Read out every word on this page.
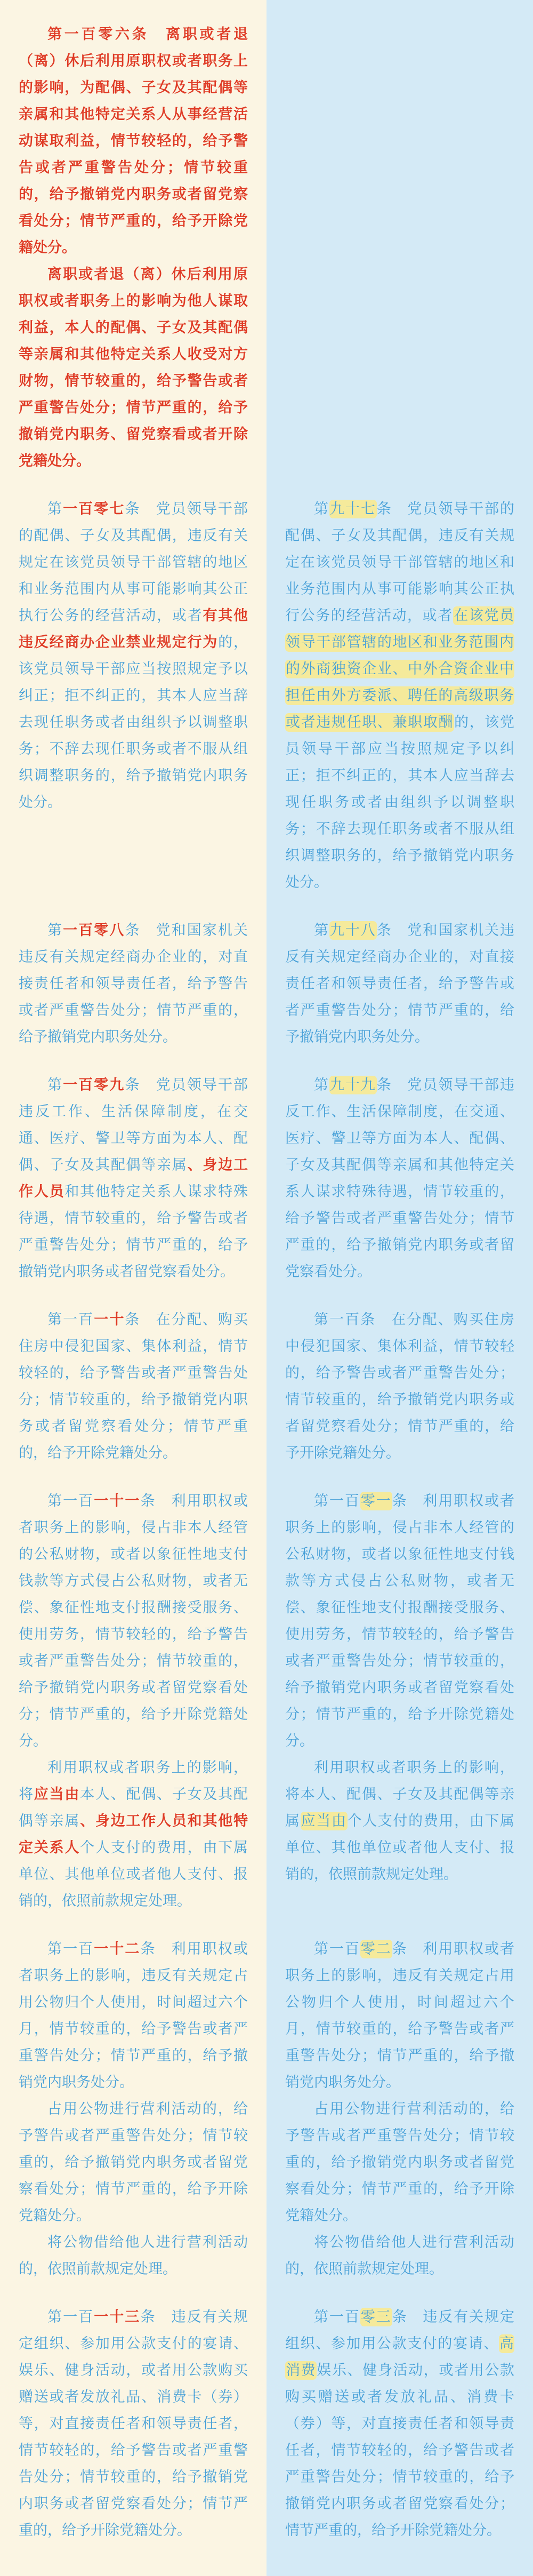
第一百零六条　离职或者退（离）休后利用原职权或者职务上的影响，为配偶、子女及其配偶等亲属和其他特定关系人从事经营活动谋取利益，情节较轻的，给予警告或者严重警告处分；情节较重的，给予撤销党内职务或者留党察看处分；情节严重的，给予开除党籍处分。

离职或者退（离）休后利用原职权或者职务上的影响为他人谋取利益，本人的配偶、子女及其配偶等亲属和其他特定关系人收受对方财物，情节较重的，给予警告或者严重警告处分；情节严重的，给予撤销党内职务、留党察看或者开除党籍处分。

第一百零七条　党员领导干部的配偶、子女及其配偶，违反有关规定在该党员领导干部管辖的地区和业务范围内从事可能影响其公正执行公务的经营活动，或者有其他违反经商办企业禁业规定行为的，该党员领导干部应当按照规定予以纠正；拒不纠正的，其本人应当辞去现任职务或者由组织予以调整职务；不辞去现任职务或者不服从组织调整职务的，给予撤销党内职务处分。

第九十七条　党员领导干部的配偶、子女及其配偶，违反有关规定在该党员领导干部管辖的地区和业务范围内从事可能影响其公正执行公务的经营活动，或者在该党员领导干部管辖的地区和业务范围内的外商独资企业、中外合资企业中担任由外方委派、聘任的高级职务或者违规任职、兼职取酬的，该党员领导干部应当按照规定予以纠正；拒不纠正的，其本人应当辞去现任职务或者由组织予以调整职务；不辞去现任职务或者不服从组织调整职务的，给予撤销党内职务处分。

第一百零八条　党和国家机关违反有关规定经商办企业的，对直接责任者和领导责任者，给予警告或者严重警告处分；情节严重的，给予撤销党内职务处分。

第九十八条　党和国家机关违反有关规定经商办企业的，对直接责任者和领导责任者，给予警告或者严重警告处分；情节严重的，给予撤销党内职务处分。

第一百零九条　党员领导干部违反工作、生活保障制度，在交通、医疗、警卫等方面为本人、配偶、子女及其配偶等亲属、身边工作人员和其他特定关系人谋求特殊待遇，情节较重的，给予警告或者严重警告处分；情节严重的，给予撤销党内职务或者留党察看处分。

第九十九条　党员领导干部违反工作、生活保障制度，在交通、医疗、警卫等方面为本人、配偶、子女及其配偶等亲属和其他特定关系人谋求特殊待遇，情节较重的，给予警告或者严重警告处分；情节严重的，给予撤销党内职务或者留党察看处分。

第一百一十条　在分配、购买住房中侵犯国家、集体利益，情节较轻的，给予警告或者严重警告处分；情节较重的，给予撤销党内职务或者留党察看处分；情节严重的，给予开除党籍处分。

第一百条　在分配、购买住房中侵犯国家、集体利益，情节较轻的，给予警告或者严重警告处分；情节较重的，给予撤销党内职务或者留党察看处分；情节严重的，给予开除党籍处分。

第一百一十一条　利用职权或者职务上的影响，侵占非本人经管的公私财物，或者以象征性地支付钱款等方式侵占公私财物，或者无偿、象征性地支付报酬接受服务、使用劳务，情节较轻的，给予警告或者严重警告处分；情节较重的，给予撤销党内职务或者留党察看处分；情节严重的，给予开除党籍处分。

第一百零一条　利用职权或者职务上的影响，侵占非本人经管的公私财物，或者以象征性地支付钱款等方式侵占公私财物，或者无偿、象征性地支付报酬接受服务、使用劳务，情节较轻的，给予警告或者严重警告处分；情节较重的，给予撤销党内职务或者留党察看处分；情节严重的，给予开除党籍处分。

利用职权或者职务上的影响，将应当由本人、配偶、子女及其配偶等亲属、身边工作人员和其他特定关系人个人支付的费用，由下属单位、其他单位或者他人支付、报销的，依照前款规定处理。

利用职权或者职务上的影响，将本人、配偶、子女及其配偶等亲属应当由个人支付的费用，由下属单位、其他单位或者他人支付、报销的，依照前款规定处理。

第一百一十二条　利用职权或者职务上的影响，违反有关规定占用公物归个人使用，时间超过六个月，情节较重的，给予警告或者严重警告处分；情节严重的，给予撤销党内职务处分。

第一百零二条　利用职权或者职务上的影响，违反有关规定占用公物归个人使用，时间超过六个月，情节较重的，给予警告或者严重警告处分；情节严重的，给予撤销党内职务处分。

占用公物进行营利活动的，给予警告或者严重警告处分；情节较重的，给予撤销党内职务或者留党察看处分；情节严重的，给予开除党籍处分。

占用公物进行营利活动的，给予警告或者严重警告处分；情节较重的，给予撤销党内职务或者留党察看处分；情节严重的，给予开除党籍处分。

将公物借给他人进行营利活动的，依照前款规定处理。

将公物借给他人进行营利活动的，依照前款规定处理。

第一百一十三条　违反有关规定组织、参加用公款支付的宴请、娱乐、健身活动，或者用公款购买赠送或者发放礼品、消费卡（券）等，对直接责任者和领导责任者，情节较轻的，给予警告或者严重警告处分；情节较重的，给予撤销党内职务或者留党察看处分；情节严重的，给予开除党籍处分。

第一百零三条　违反有关规定组织、参加用公款支付的宴请、高消费娱乐、健身活动，或者用公款购买赠送或者发放礼品、消费卡（券）等，对直接责任者和领导责任者，情节较轻的，给予警告或者严重警告处分；情节较重的，给予撤销党内职务或者留党察看处分；情节严重的，给予开除党籍处分。
